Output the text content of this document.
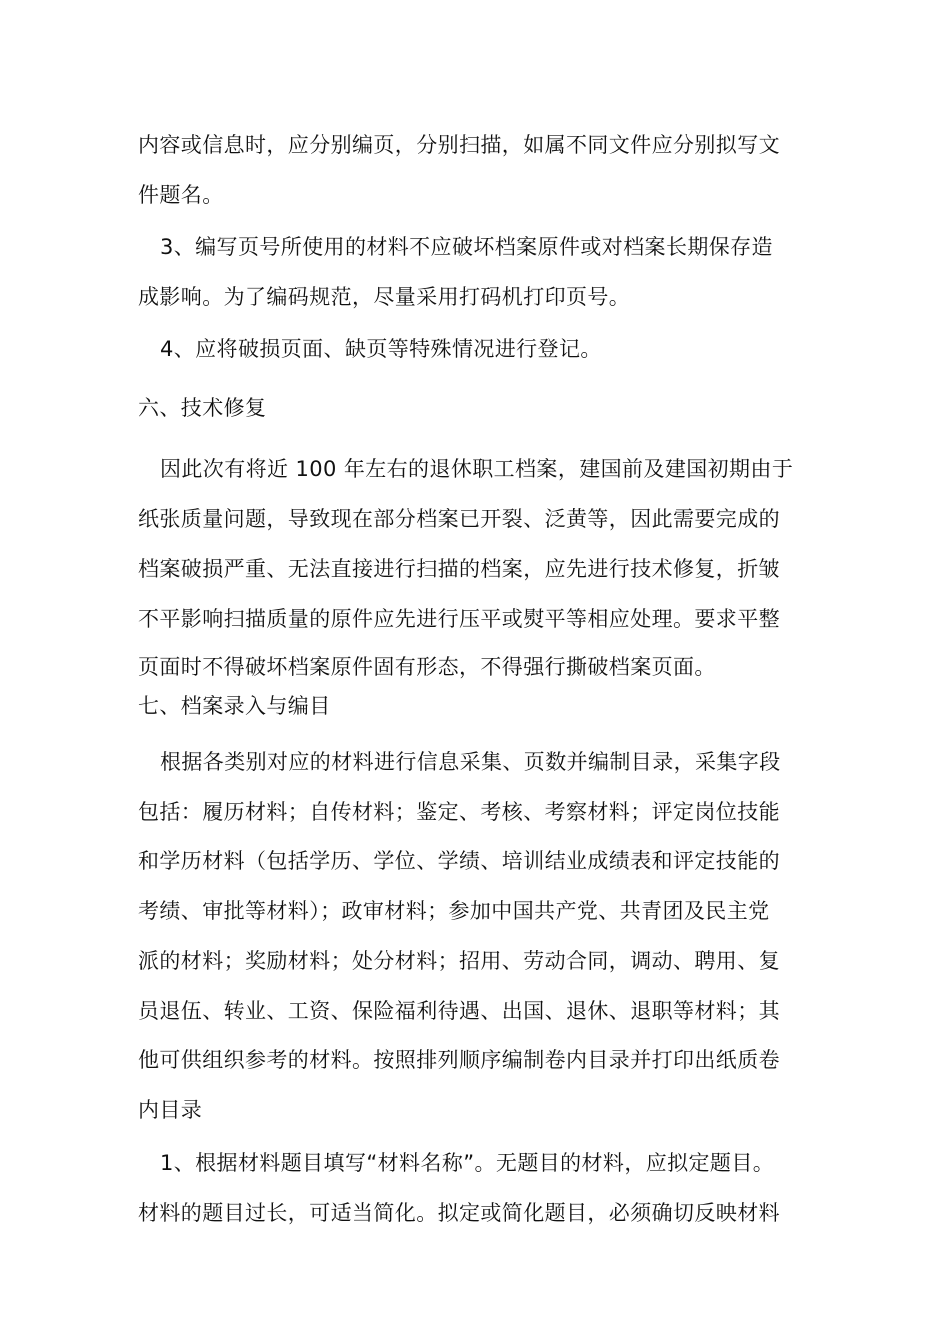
内容或信息时，应分别编页，分别扫描，如属不同文件应分别拟写文

件题名。

3、编写页号所使用的材料不应破坏档案原件或对档案长期保存造

成影响。为了编码规范，尽量采用打码机打印页号。

4、应将破损页面、缺页等特殊情况进行登记。

六、技术修复

因此次有将近 100 年左右的退休职工档案，建国前及建国初期由于

纸张质量问题，导致现在部分档案已开裂、泛黄等，因此需要完成的

档案破损严重、无法直接进行扫描的档案，应先进行技术修复，折皱

不平影响扫描质量的原件应先进行压平或熨平等相应处理。要求平整

页面时不得破坏档案原件固有形态，不得强行撕破档案页面。

七、档案录入与编目

根据各类别对应的材料进行信息采集、页数并编制目录，采集字段

包括：履历材料；自传材料；鉴定、考核、考察材料；评定岗位技能

和学历材料（包括学历、学位、学绩、培训结业成绩表和评定技能的

考绩、审批等材料）；政审材料；参加中国共产党、共青团及民主党

派的材料；奖励材料；处分材料；招用、劳动合同，调动、聘用、复

员退伍、转业、工资、保险福利待遇、出国、退休、退职等材料；其

他可供组织参考的材料。按照排列顺序编制卷内目录并打印出纸质卷

内目录

1、根据材料题目填写“材料名称”。无题目的材料，应拟定题目。

材料的题目过长，可适当简化。拟定或简化题目，必须确切反映材料
